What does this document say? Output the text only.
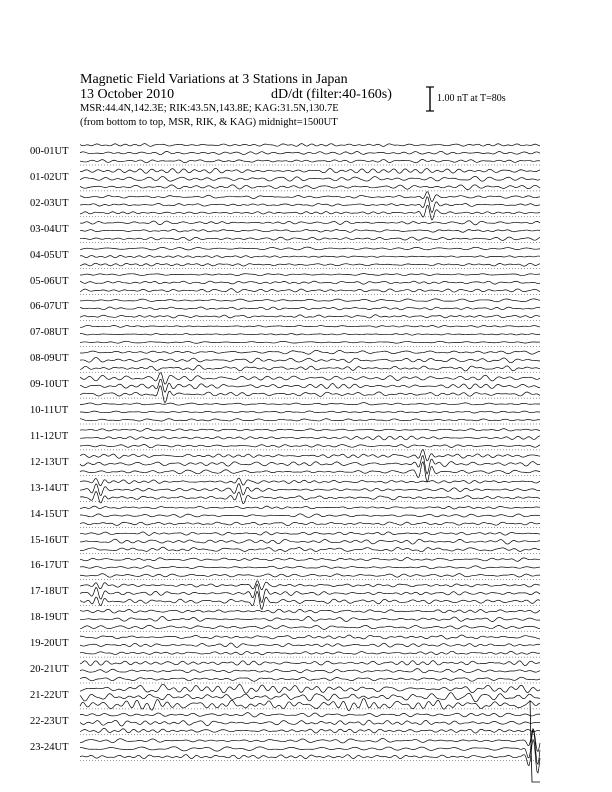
Magnetic Field Variations at 3 Stations in Japan
13 October 2010	dD/dt (filter:40-160s)
MSR:44.4N,142.3E; RIK:43.5N,143.8E; KAG:31.5N,130.7E
(from bottom to top, MSR, RIK, & KAG) midnight=1500UT
1.00 nT at T=80s
00-01UT
01-02UT
02-03UT
03-04UT
04-05UT
05-06UT
06-07UT
07-08UT
08-09UT
09-10UT
10-11UT
11-12UT
12-13UT
13-14UT
14-15UT
15-16UT
16-17UT
17-18UT
18-19UT
19-20UT
20-21UT
21-22UT
22-23UT
23-24UT
